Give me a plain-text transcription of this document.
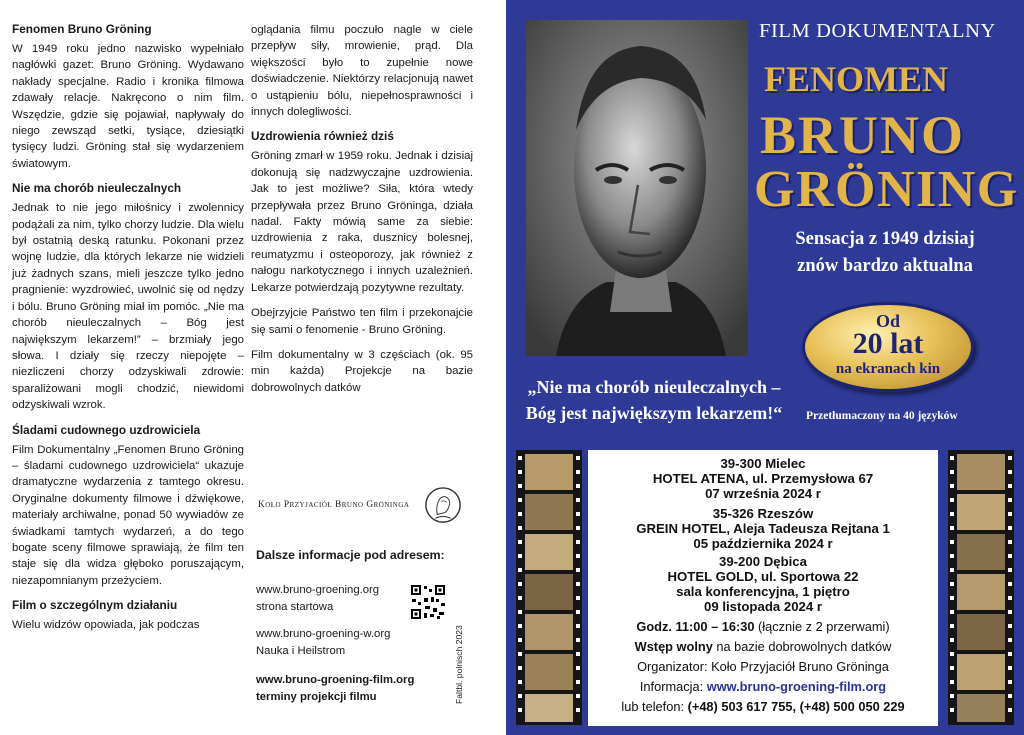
Fenomen Bruno Gröning

W 1949 roku jedno nazwisko wypełniało nagłówki gazet: Bruno Gröning. Wydawano nakłady specjalne. Radio i kronika filmowa zdawały relacje. Nakręcono o nim film. Wszędzie, gdzie się pojawiał, napływały do niego zewsząd setki, tysiące, dziesiątki tysięcy ludzi. Gröning stał się wydarzeniem światowym.

Nie ma chorób nieuleczalnych

Jednak to nie jego miłośnicy i zwolennicy podążali za nim, tylko chorzy ludzie. Dla wielu był ostatnią deską ratunku. Pokonani przez wojnę ludzie, dla których lekarze nie widzieli już żadnych szans, mieli jeszcze tylko jedno pragnienie: wyzdrowieć, uwolnić się od nędzy i bólu. Bruno Gröning miał im pomóc. „Nie ma chorób nieuleczalnych – Bóg jest największym lekarzem!” – brzmiały jego słowa. I działy się rzeczy niepojęte – niezliczeni chorzy odzyskiwali zdrowie: sparaliżowani mogli chodzić, niewidomi odzyskiwali wzrok.

Śladami cudownego uzdrowiciela

Film Dokumentalny „Fenomen Bruno Gröning – śladami cudownego uzdrowiciela“ ukazuje dramatyczne wydarzenia z tamtego okresu. Oryginalne dokumenty filmowe i dźwiękowe, materiały archiwalne, ponad 50 wywiadów ze świadkami tamtych wydarzeń, a do tego bogate sceny filmowe sprawiają, że film ten staje się dla widza głęboko poruszającym, niezapomnianym przeżyciem.

Film o szczególnym działaniu

Wielu widzów opowiada, jak podczas

oglądania filmu poczuło nagle w ciele przepływ siły, mrowienie, prąd. Dla większości było to zupełnie nowe doświadczenie. Niektórzy relacjonują nawet o ustąpieniu bólu, niepełnosprawności i innych dolegliwości.

Uzdrowienia również dziś

Gröning zmarł w 1959 roku. Jednak i dzisiaj dokonują się nadzwyczajne uzdrowienia. Jak to jest możliwe? Siła, która wtedy przepływała przez Bruno Gröninga, działa nadal. Fakty mówią same za siebie: uzdrowienia z raka, dusznicy bolesnej, reumatyzmu i osteoporozy, jak również z nałogu narkotycznego i innych uzależnień. Lekarze potwierdzają pozytywne rezultaty.

Obejrzyjcie Państwo ten film i przekonajcie się sami o fenomenie - Bruno Gröning.

Film dokumentalny w 3 częściach (ok. 95 min każda) Projekcje na bazie dobrowolnych datków

Koło Przyjaciół Bruno Gröninga
Dalsze informacje pod adresem:
www.bruno-groening.org
strona startowa
www.bruno-groening-w.org
Nauka i Heilstrom
www.bruno-groening-film.org
terminy projekcji filmu	Faltbl. polnisch 2023
FILM DOKUMENTALNY
FENOMEN
BRUNO
GRÖNING
Sensacja z 1949 dzisiaj
znów bardzo aktualna
Od
20 lat
na ekranach kin
„Nie ma chorób nieuleczalnych –
Bóg jest największym lekarzem!“	Przetłumaczony na 40 języków
39-300 Mielec
HOTEL ATENA, ul. Przemysłowa 67
07 września 2024 r
35-326 Rzeszów
GREIN HOTEL, Aleja Tadeusza Rejtana 1
05 października 2024 r
39-200 Dębica
HOTEL GOLD, ul. Sportowa 22
sala konferencyjna, 1 piętro
09 listopada 2024 r
Godz. 11:00 – 16:30 (łącznie z 2 przerwami)
Wstęp wolny na bazie dobrowolnych datków
Organizator: Koło Przyjaciół Bruno Gröninga
Informacja: www.bruno-groening-film.org
lub telefon: (+48) 503 617 755, (+48) 500 050 229
